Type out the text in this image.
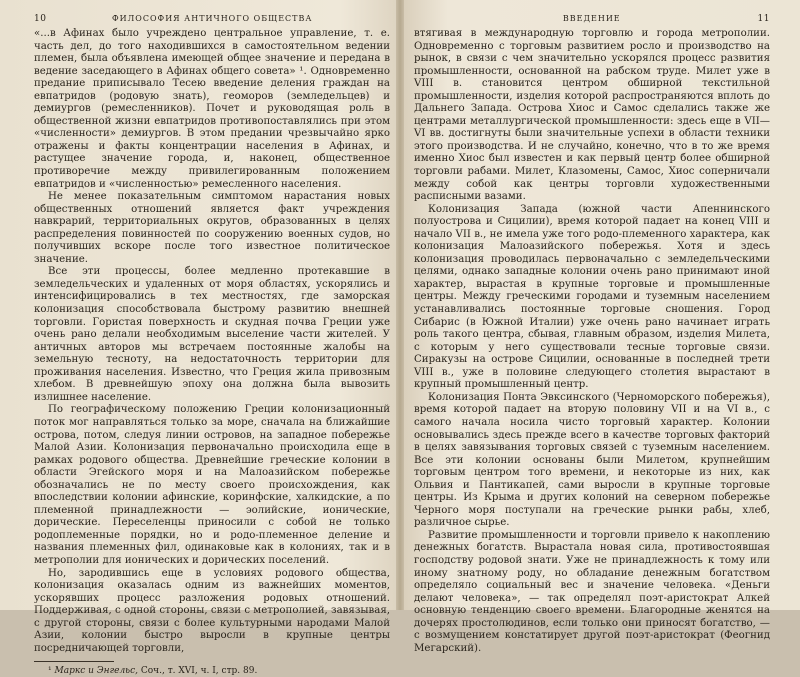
10	ФИЛОСОФИЯ АНТИЧНОГО ОБЩЕСТВА

«...в Афинах было учреждено центральное управление, т. е. часть дел, до того находившихся в самостоятельном ведении племен, была объявлена имеющей общее значение и передана в ведение заседающего в Афинах общего совета» ¹. Одновременно предание приписывало Тесею введение деления граждан на евпатридов (родовую знать), геоморов (земледельцев) и демиургов (ремесленников). Почет и руководящая роль в общественной жизни евпатридов противопоставлялись при этом «численности» демиургов. В этом предании чрезвычайно ярко отражены и факты концентрации населения в Афинах, и растущее значение города, и, наконец, общественное противоречие между привилегированным положением евпатридов и «численностью» ремесленного населения.

Не менее показательным симптомом нарастания новых общественных отношений является факт учреждения навкрарий, территориальных округов, образованных в целях распределения повинностей по сооружению военных судов, но получивших вскоре после того известное политическое значение.

Все эти процессы, более медленно протекавшие в земледельческих и удаленных от моря областях, ускорялись и интенсифицировались в тех местностях, где заморская колонизация способствовала быстрому развитию внешней торговли. Гористая поверхность и скудная почва Греции уже очень рано делали необходимым выселение части жителей. У античных авторов мы встречаем постоянные жалобы на земельную тесноту, на недостаточность территории для проживания населения. Известно, что Греция жила привозным хлебом. В древнейшую эпоху она должна была вывозить излишнее население.

По географическому положению Греции колонизационный поток мог направляться только за море, сначала на ближайшие острова, потом, следуя линии островов, на западное побережье Малой Азии. Колонизация первоначально происходила еще в рамках родового общества. Древнейшие греческие колонии в области Эгейского моря и на Малоазийском побережье обозначались не по месту своего происхождения, как впоследствии колонии афинские, коринфские, халкидские, а по племенной принадлежности — эолийские, ионические, дорические. Переселенцы приносили с собой не только родоплеменные порядки, но и родо-племенное деление и названия племенных фил, одинаковые как в колониях, так и в метрополии для ионических и дорических поселений.

Но, зародившись еще в условиях родового общества, колонизация оказалась одним из важнейших моментов, ускорявших процесс разложения родовых отношений. Поддерживая, с одной стороны, связи с метрополией, завязывая, с другой стороны, связи с более культурными народами Малой Азии, колонии быстро выросли в крупные центры посредничающей торговли,

¹ Маркс и Энгельс, Соч., т. XVI, ч. I, стр. 89.
ВВЕДЕНИЕ	11

втягивая в международную торговлю и города метрополии. Одновременно с торговым развитием росло и производство на рынок, в связи с чем значительно ускорялся процесс развития промышленности, основанной на рабском труде. Милет уже в VIII в. становится центром обширной текстильной промышленности, изделия которой распространяются вплоть до Дальнего Запада. Острова Хиос и Самос сделались также же центрами металлургической промышленности: здесь еще в VII—VI вв. достигнуты были значительные успехи в области техники этого производства. И не случайно, конечно, что в то же время именно Хиос был известен и как первый центр более обширной торговли рабами. Милет, Клазомены, Самос, Хиос соперничали между собой как центры торговли художественными расписными вазами.

Колонизация Запада (южной части Апеннинского полуострова и Сицилии), время которой падает на конец VIII и начало VII в., не имела уже того родо-племенного характера, как колонизация Малоазийского побережья. Хотя и здесь колонизация проводилась первоначально с земледельческими целями, однако западные колонии очень рано принимают иной характер, вырастая в крупные торговые и промышленные центры. Между греческими городами и туземным населением устанавливались постоянные торговые сношения. Город Сибарис (в Южной Италии) уже очень рано начинает играть роль такого центра, сбывая, главным образом, изделия Милета, с которым у него существовали тесные торговые связи. Сиракузы на острове Сицилии, основанные в последней трети VIII в., уже в половине следующего столетия вырастают в крупный промышленный центр.

Колонизация Понта Эвксинского (Черноморского побережья), время которой падает на вторую половину VII и на VI в., с самого начала носила чисто торговый характер. Колонии основывались здесь прежде всего в качестве торговых факторий в целях завязывания торговых связей с туземным населением. Все эти колонии основаны были Милетом, крупнейшим торговым центром того времени, и некоторые из них, как Ольвия и Пантикапей, сами выросли в крупные торговые центры. Из Крыма и других колоний на северном побережье Черного моря поступали на греческие рынки рабы, хлеб, различное сырье.

Развитие промышленности и торговли привело к накоплению денежных богатств. Вырастала новая сила, противостоявшая господству родовой знати. Уже не принадлежность к тому или иному знатному роду, но обладание денежным богатством определяло социальный вес и значение человека. «Деньги делают человека», — так определял поэт-аристократ Алкей основную тенденцию своего времени. Благородные женятся на дочерях простолюдинов, если только они приносят богатство, — с возмущением констатирует другой поэт-аристократ (Феогнид Мегарский).
